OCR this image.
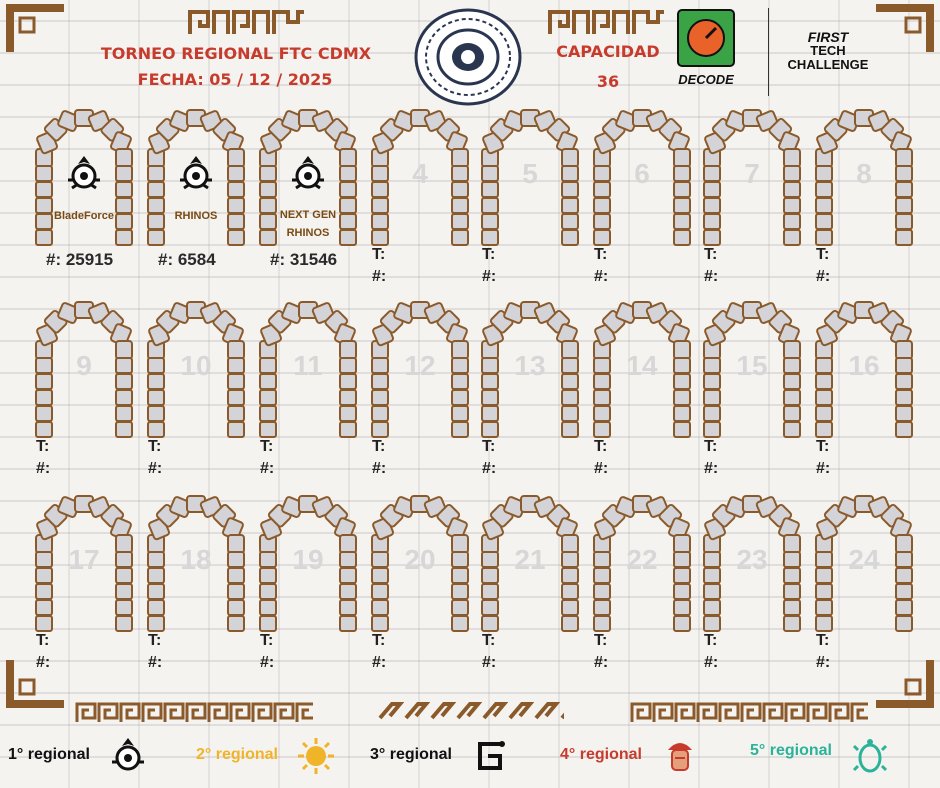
TORNEO REGIONAL FTC CDMX
FECHA: 05 / 12 / 2025
CAPACIDAD
36	DECODE
FIRST
TECH
CHALLENGE
BladeForce
#: 25915
RHINOS
#: 6584
NEXT GEN RHINOS
#: 31546
4
T:
#:
5
T:
#:
6
T:
#:
7
T:
#:
8
T:
#:
9
T:
#:
10
T:
#:
11
T:
#:
12
T:
#:
13
T:
#:
14
T:
#:
15
T:
#:
16
T:
#:
17
T:
#:
18
T:
#:
19
T:
#:
20
T:
#:
21
T:
#:
22
T:
#:
23
T:
#:
24
T:
#:
1° regional	2° regional	3° regional	4° regional	5° regional
